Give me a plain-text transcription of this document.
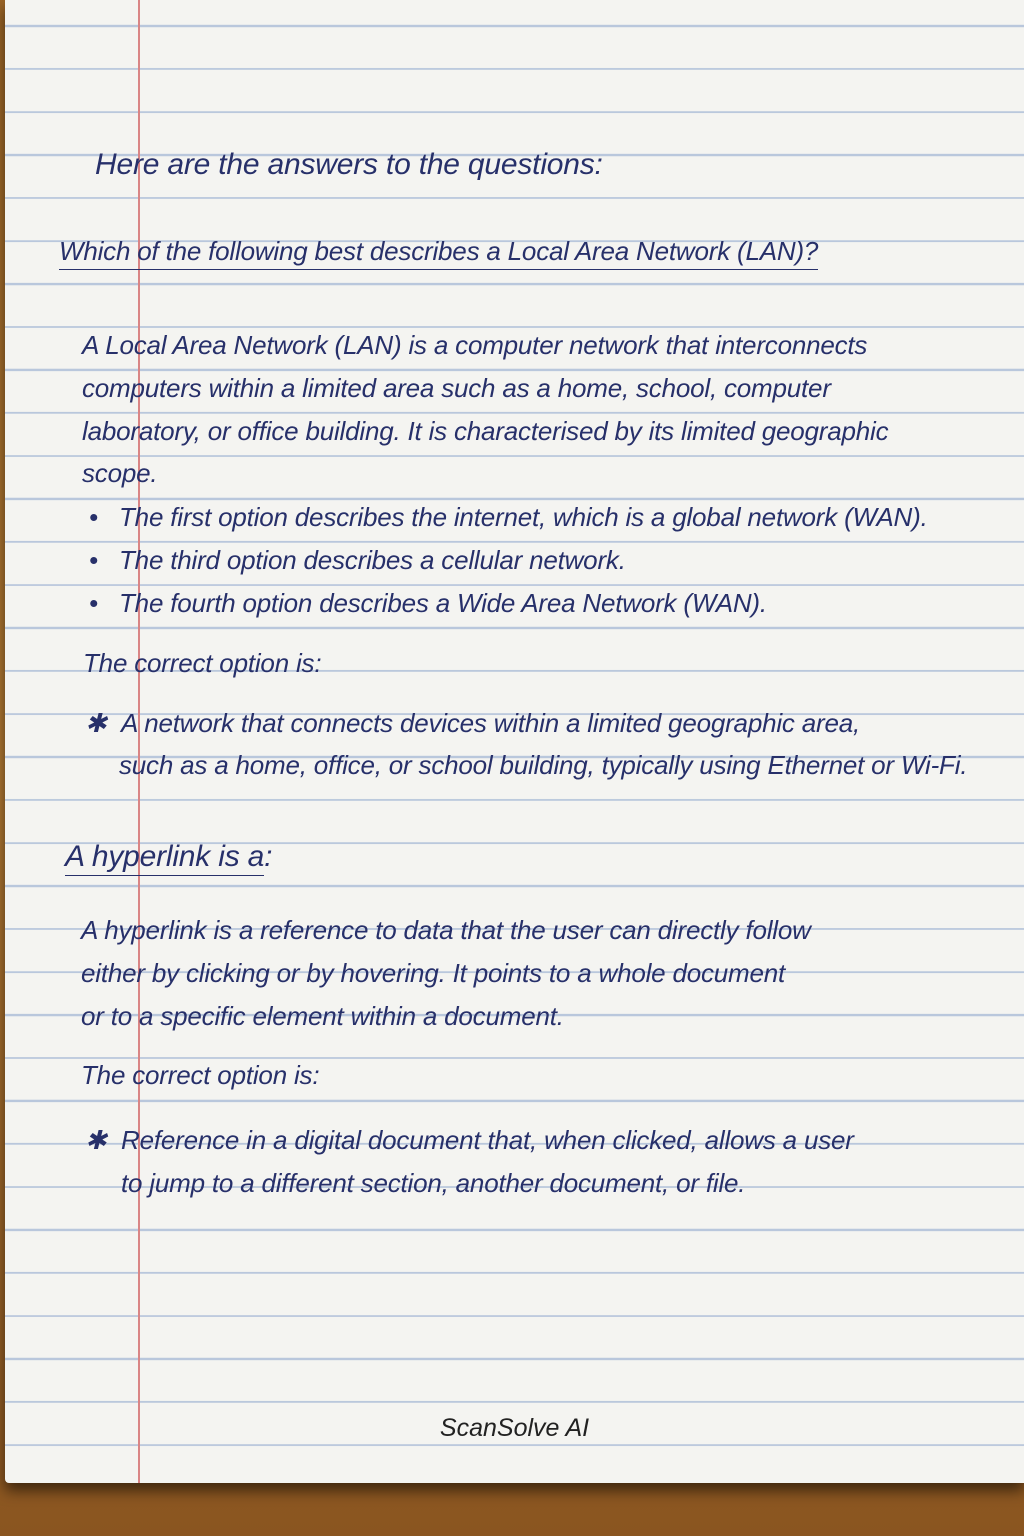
Here are the answers to the questions:
Which of the following best describes a Local Area Network (LAN)?
A Local Area Network (LAN) is a computer network that interconnects
computers within a limited area such as a home, school, computer
laboratory, or office building. It is characterised by its limited geographic
scope.
• The first option describes the internet, which is a global network (WAN).
• The third option describes a cellular network.
• The fourth option describes a Wide Area Network (WAN).
The correct option is:
✱ A network that connects devices within a limited geographic area,
such as a home, office, or school building, typically using Ethernet or Wi-Fi.
A hyperlink is a:
A hyperlink is a reference to data that the user can directly follow
either by clicking or by hovering. It points to a whole document
or to a specific element within a document.
The correct option is:
✱ Reference in a digital document that, when clicked, allows a user
to jump to a different section, another document, or file.
ScanSolve AI
